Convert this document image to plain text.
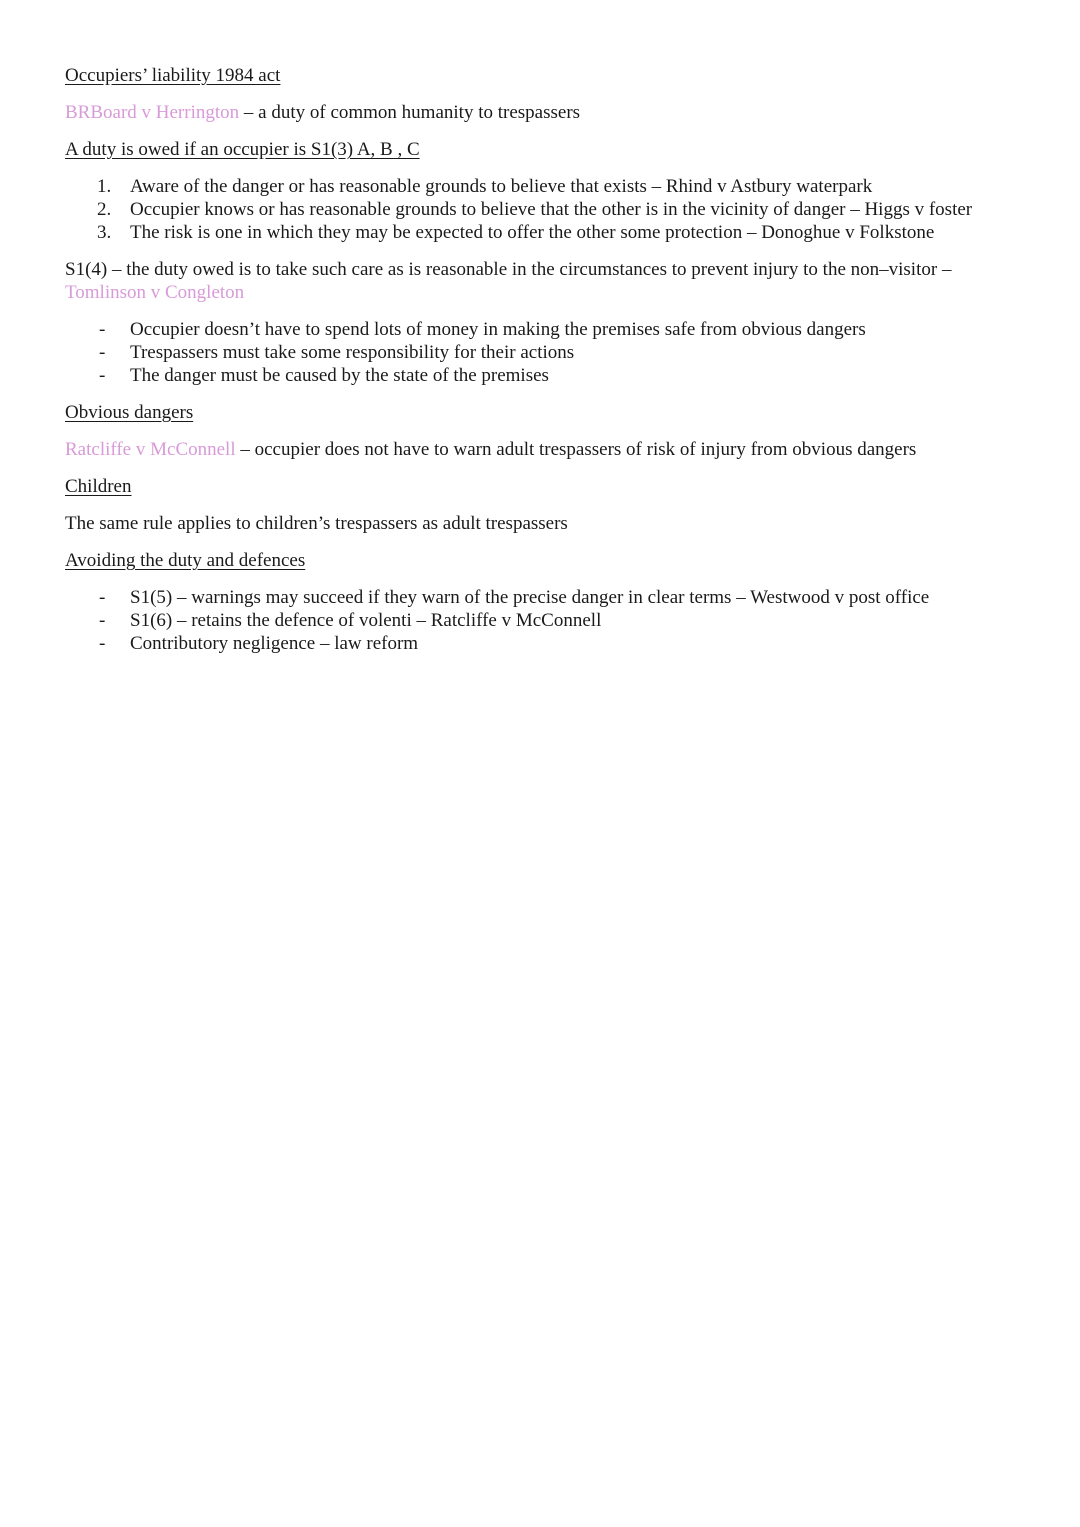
Occupiers’ liability 1984 act
BRBoard v Herrington – a duty of common humanity to trespassers
A duty is owed if an occupier is S1(3) A, B , C
1. Aware of the danger or has reasonable grounds to believe that exists – Rhind v Astbury waterpark
2. Occupier knows or has reasonable grounds to believe that the other is in the vicinity of danger – Higgs v foster
3. The risk is one in which they may be expected to offer the other some protection – Donoghue v Folkstone
S1(4) – the duty owed is to take such care as is reasonable in the circumstances to prevent injury to the non–visitor –
Tomlinson v Congleton
-	Occupier doesn’t have to spend lots of money in making the premises safe from obvious dangers
-	Trespassers must take some responsibility for their actions
-	The danger must be caused by the state of the premises
Obvious dangers
Ratcliffe v McConnell – occupier does not have to warn adult trespassers of risk of injury from obvious dangers
Children
The same rule applies to children’s trespassers as adult trespassers
Avoiding the duty and defences
-	S1(5) – warnings may succeed if they warn of the precise danger in clear terms – Westwood v post office
-	S1(6) – retains the defence of volenti – Ratcliffe v McConnell
-	Contributory negligence – law reform
